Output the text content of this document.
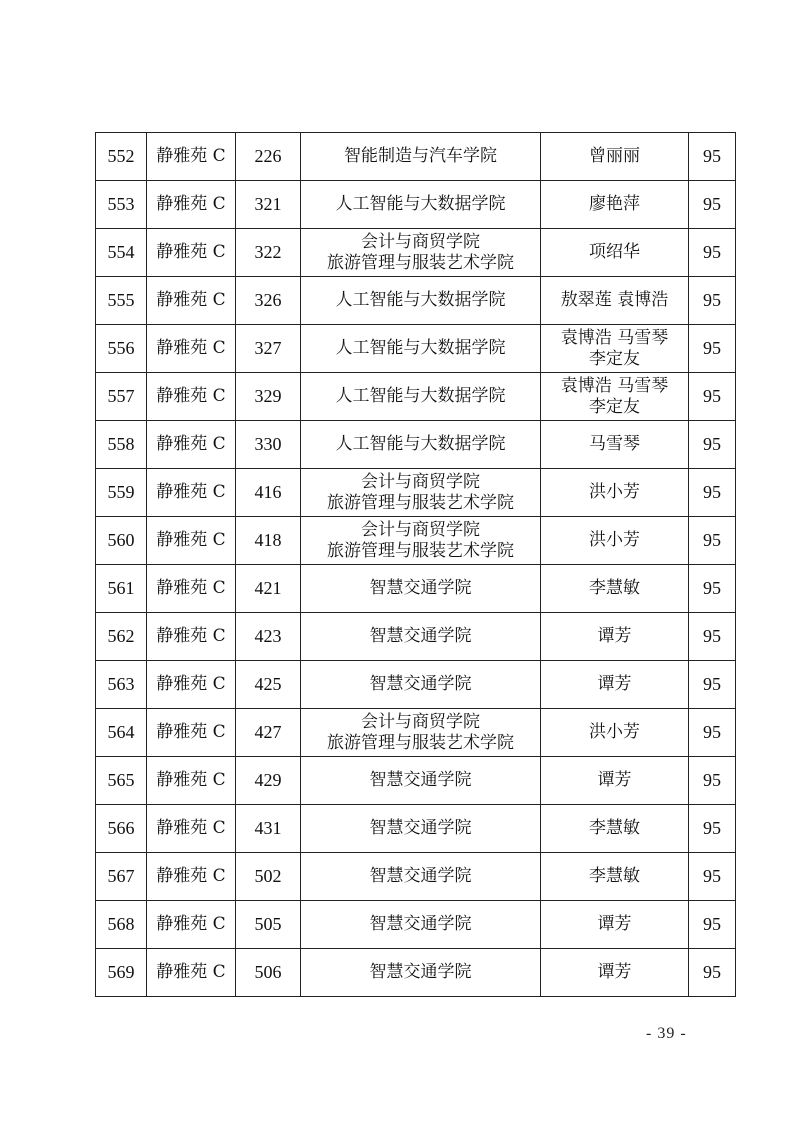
552	静雅苑 C	226	智能制造与汽车学院	曾丽丽	95
553	静雅苑 C	321	人工智能与大数据学院	廖艳萍	95
554	静雅苑 C	322	会计与商贸学院
旅游管理与服装艺术学院	项绍华	95
555	静雅苑 C	326	人工智能与大数据学院	敖翠莲 袁博浩	95
556	静雅苑 C	327	人工智能与大数据学院	袁博浩 马雪琴
李定友	95
557	静雅苑 C	329	人工智能与大数据学院	袁博浩 马雪琴
李定友	95
558	静雅苑 C	330	人工智能与大数据学院	马雪琴	95
559	静雅苑 C	416	会计与商贸学院
旅游管理与服装艺术学院	洪小芳	95
560	静雅苑 C	418	会计与商贸学院
旅游管理与服装艺术学院	洪小芳	95
561	静雅苑 C	421	智慧交通学院	李慧敏	95
562	静雅苑 C	423	智慧交通学院	谭芳	95
563	静雅苑 C	425	智慧交通学院	谭芳	95
564	静雅苑 C	427	会计与商贸学院
旅游管理与服装艺术学院	洪小芳	95
565	静雅苑 C	429	智慧交通学院	谭芳	95
566	静雅苑 C	431	智慧交通学院	李慧敏	95
567	静雅苑 C	502	智慧交通学院	李慧敏	95
568	静雅苑 C	505	智慧交通学院	谭芳	95
569	静雅苑 C	506	智慧交通学院	谭芳	95
- 39 -
